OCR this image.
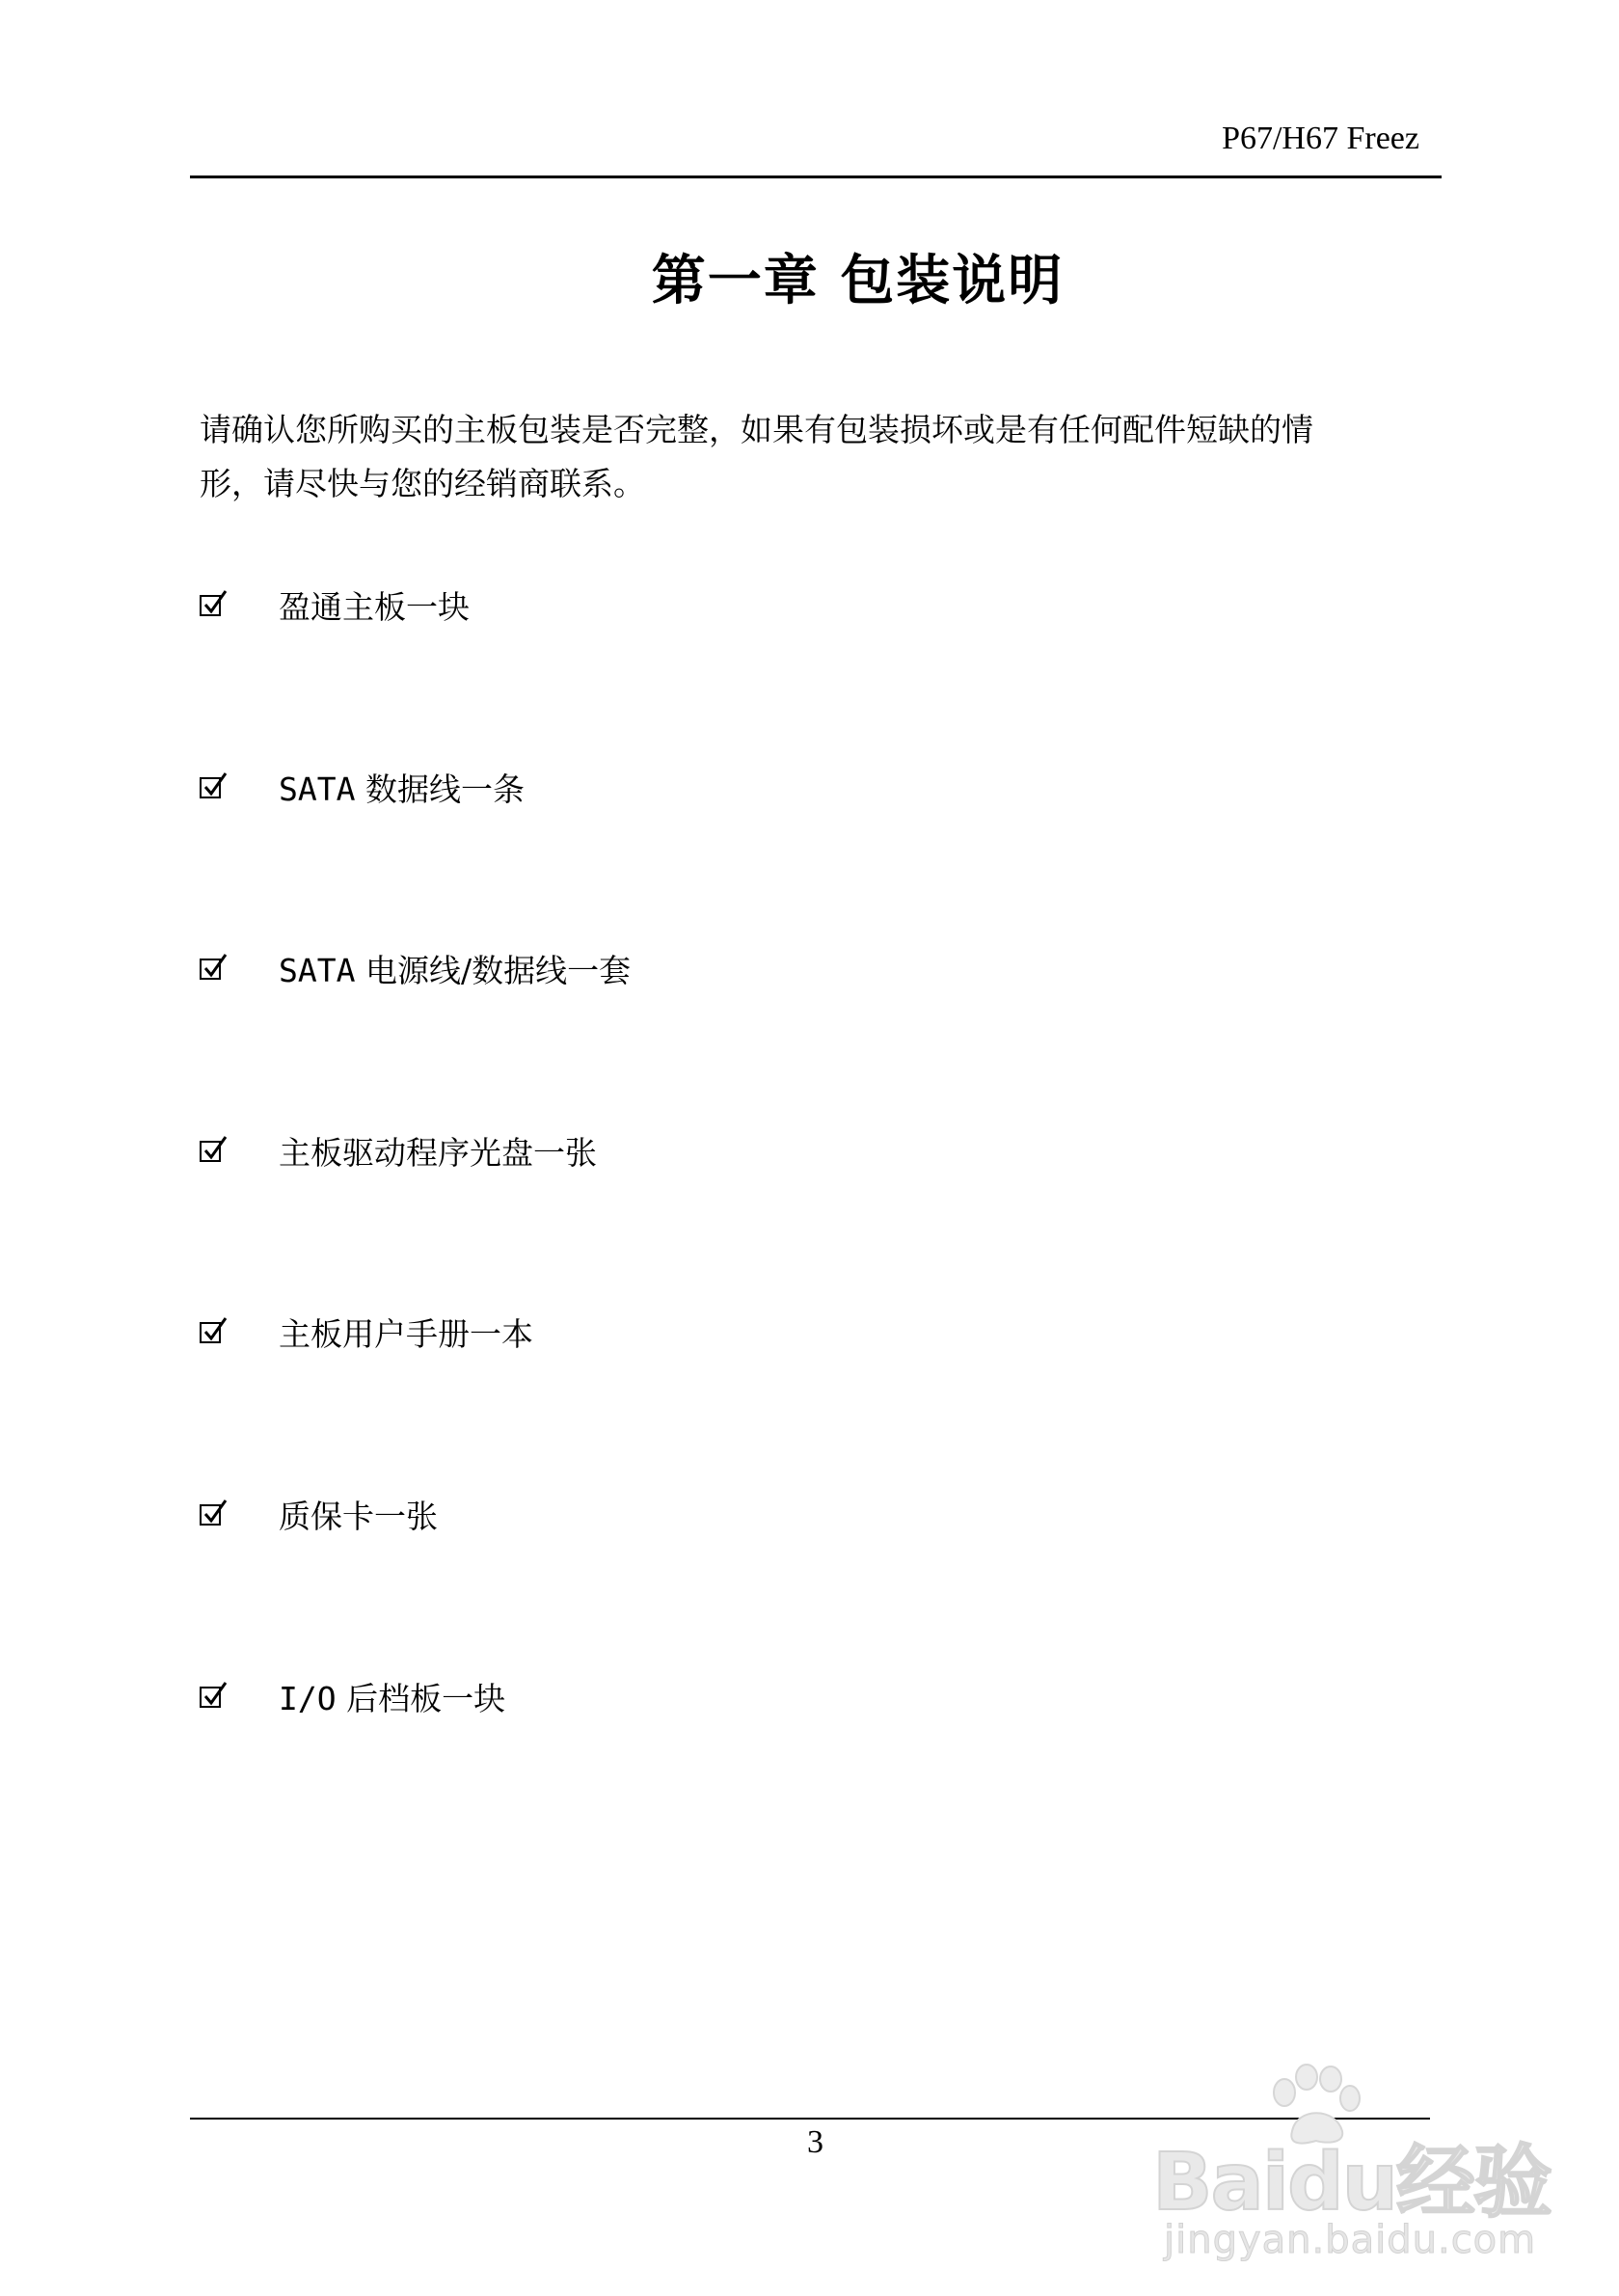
P67/H67 Freez
第一章 包装说明

请确认您所购买的主板包装是否完整，如果有包装损坏或是有任何配件短缺的情

形，请尽快与您的经销商联系。

盈通主板一块
SATA 数据线一条
SATA 电源线/数据线一套
主板驱动程序光盘一张
主板用户手册一本
质保卡一张
I/O 后档板一块
3	Baidu经验
jingyan.baidu.com
